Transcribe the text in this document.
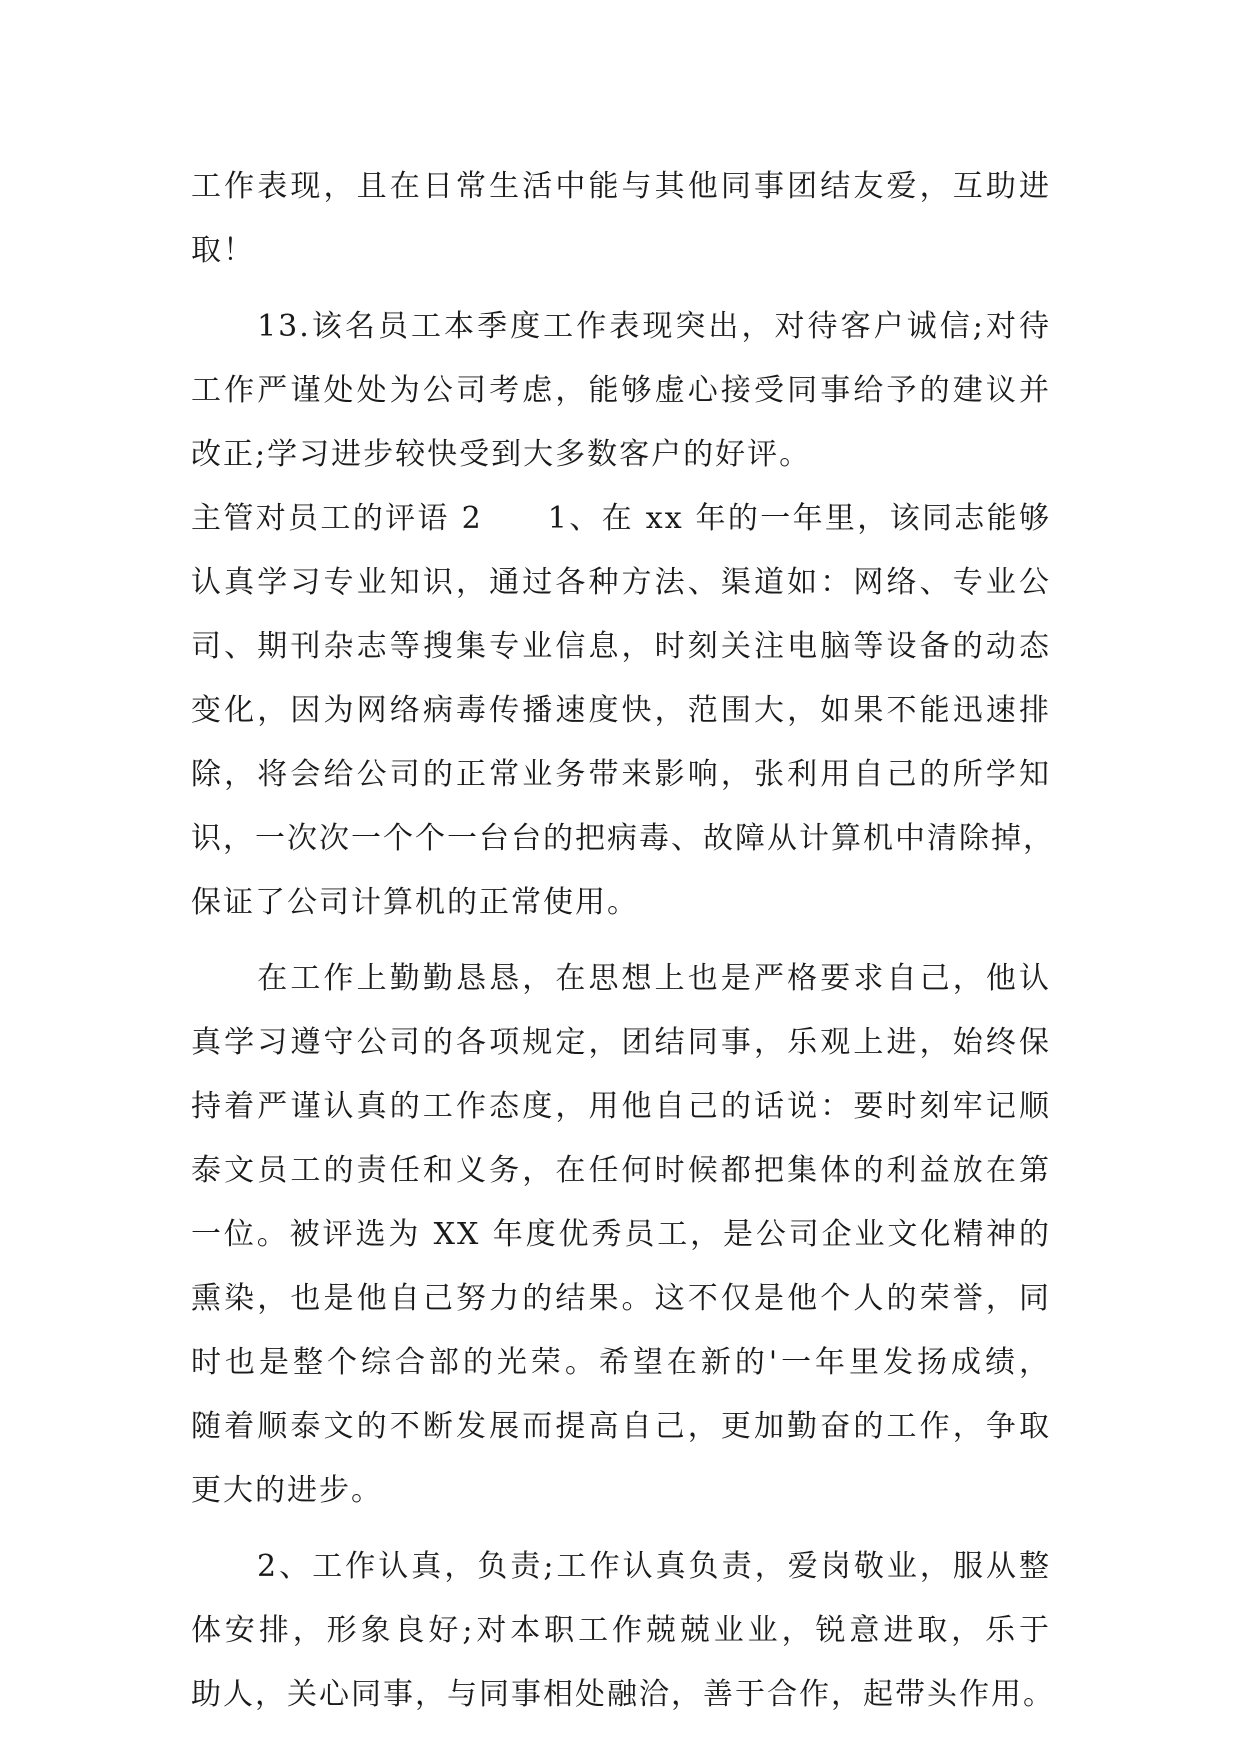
工作表现，且在日常生活中能与其他同事团结友爱，互助进
取！
　　13.该名员工本季度工作表现突出，对待客户诚信;对待
工作严谨处处为公司考虑，能够虚心接受同事给予的建议并
改正;学习进步较快受到大多数客户的好评。
主管对员工的评语 2　　1、在 xx 年的一年里，该同志能够
认真学习专业知识，通过各种方法、渠道如：网络、专业公
司、期刊杂志等搜集专业信息，时刻关注电脑等设备的动态
变化，因为网络病毒传播速度快，范围大，如果不能迅速排
除，将会给公司的正常业务带来影响，张利用自己的所学知
识，一次次一个个一台台的把病毒、故障从计算机中清除掉，
保证了公司计算机的正常使用。
　　在工作上勤勤恳恳，在思想上也是严格要求自己，他认
真学习遵守公司的各项规定，团结同事，乐观上进，始终保
持着严谨认真的工作态度，用他自己的话说：要时刻牢记顺
泰文员工的责任和义务，在任何时候都把集体的利益放在第
一位。被评选为 XX 年度优秀员工，是公司企业文化精神的
熏染，也是他自己努力的结果。这不仅是他个人的荣誉，同
时也是整个综合部的光荣。希望在新的'一年里发扬成绩，
随着顺泰文的不断发展而提高自己，更加勤奋的工作，争取
更大的进步。
　　2、工作认真，负责;工作认真负责，爱岗敬业，服从整
体安排，形象良好;对本职工作兢兢业业，锐意进取，乐于
助人，关心同事，与同事相处融洽，善于合作，起带头作用。
